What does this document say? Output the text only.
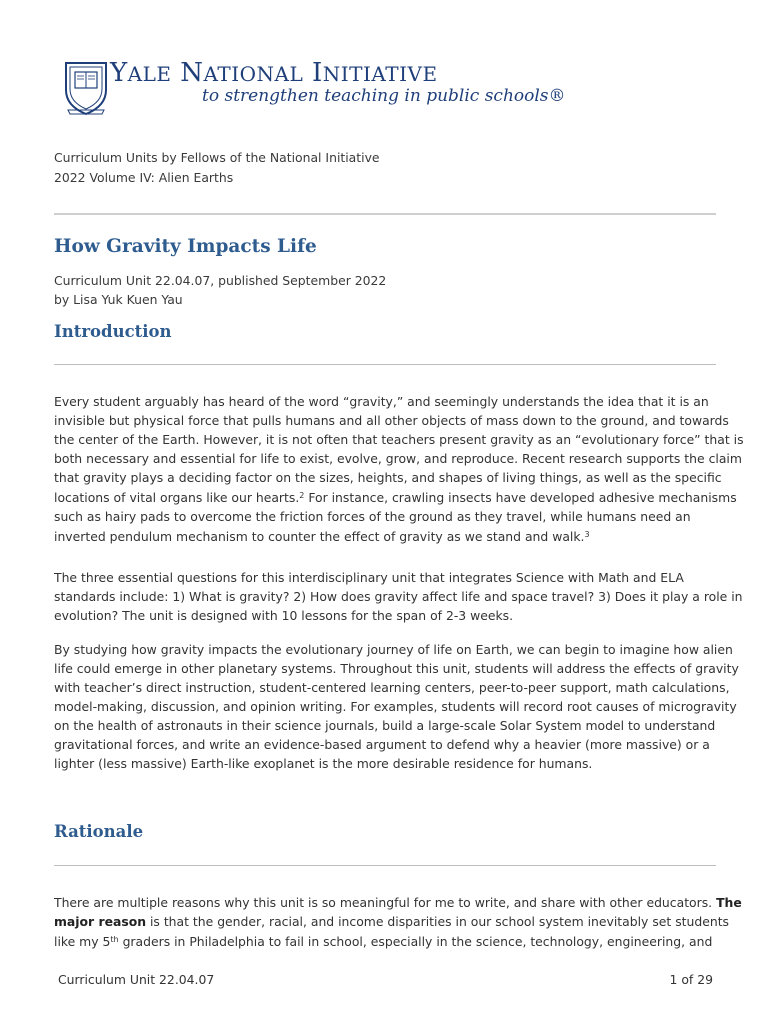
YALE NATIONAL INITIATIVE
to strengthen teaching in public schools®
Curriculum Units by Fellows of the National Initiative
2022 Volume IV: Alien Earths
How Gravity Impacts Life
Curriculum Unit 22.04.07, published September 2022
by Lisa Yuk Kuen Yau
Introduction
Every student arguably has heard of the word “gravity,” and seemingly understands the idea that it is an
invisible but physical force that pulls humans and all other objects of mass down to the ground, and towards
the center of the Earth. However, it is not often that teachers present gravity as an “evolutionary force” that is
both necessary and essential for life to exist, evolve, grow, and reproduce. Recent research supports the claim
that gravity plays a deciding factor on the sizes, heights, and shapes of living things, as well as the specific
locations of vital organs like our hearts.$^2$ For instance, crawling insects have developed adhesive mechanisms
such as hairy pads to overcome the friction forces of the ground as they travel, while humans need an
inverted pendulum mechanism to counter the effect of gravity as we stand and walk.$^3$
The three essential questions for this interdisciplinary unit that integrates Science with Math and ELA
standards include: 1) What is gravity? 2) How does gravity affect life and space travel? 3) Does it play a role in
evolution? The unit is designed with 10 lessons for the span of 2-3 weeks.
By studying how gravity impacts the evolutionary journey of life on Earth, we can begin to imagine how alien
life could emerge in other planetary systems. Throughout this unit, students will address the effects of gravity
with teacher’s direct instruction, student-centered learning centers, peer-to-peer support, math calculations,
model-making, discussion, and opinion writing. For examples, students will record root causes of microgravity
on the health of astronauts in their science journals, build a large-scale Solar System model to understand
gravitational forces, and write an evidence-based argument to defend why a heavier (more massive) or a
lighter (less massive) Earth-like exoplanet is the more desirable residence for humans.
Rationale
There are multiple reasons why this unit is so meaningful for me to write, and share with other educators. The
major reason is that the gender, racial, and income disparities in our school system inevitably set students
like my 5th graders in Philadelphia to fail in school, especially in the science, technology, engineering, and
Curriculum Unit 22.04.07	1 of 29
